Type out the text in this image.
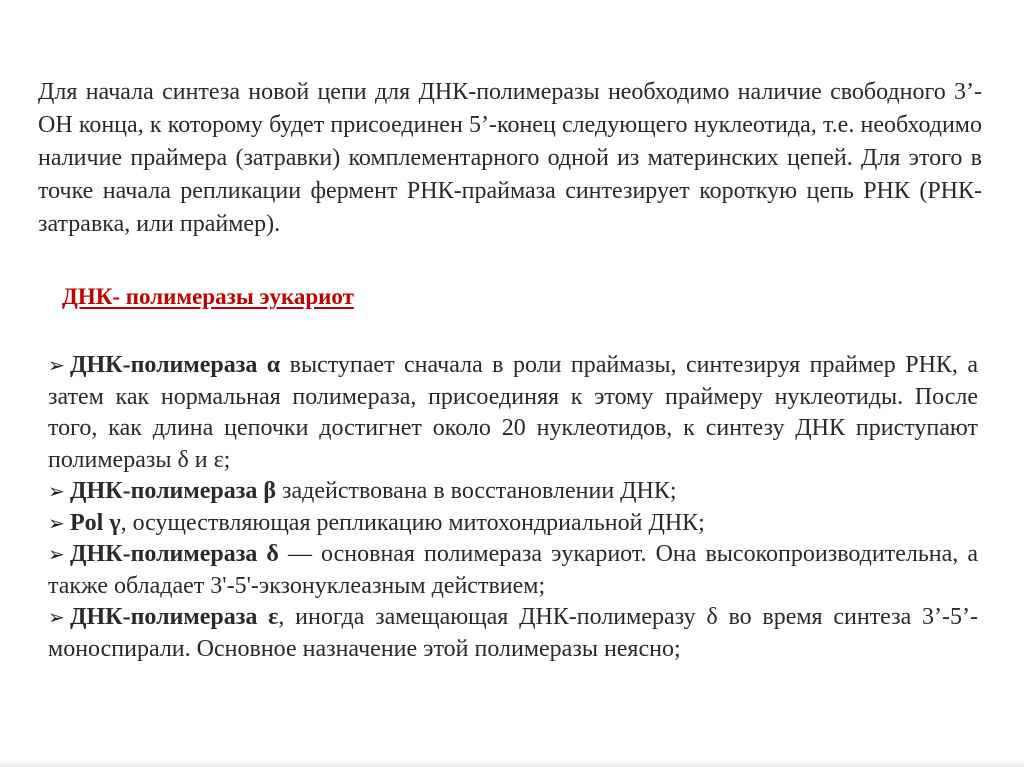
Для начала синтеза новой цепи для ДНК-полимеразы необходимо наличие свободного 3’-ОН конца, к которому будет присоединен 5’-конец следующего нуклеотида, т.е. необходимо наличие праймера (затравки) комплементарного одной из материнских цепей. Для этого в точке начала репликации фермент РНК-праймаза синтезирует короткую цепь РНК (РНК-затравка, или праймер).

ДНК- полимеразы эукариот
➢ ДНК-полимераза α выступает сначала в роли праймазы, синтезируя праймер РНК, а затем как нормальная полимераза, присоединяя к этому праймеру нуклеотиды. После того, как длина цепочки достигнет около 20 нуклеотидов, к синтезу ДНК приступают полимеразы δ и ε;
➢ ДНК-полимераза β задействована в восстановлении ДНК;
➢ Pol γ, осуществляющая репликацию митохондриальной ДНК;
➢ ДНК-полимераза δ — основная полимераза эукариот. Она высокопроизводительна, а также обладает 3'-5'-экзонуклеазным действием;
➢ ДНК-полимераза ε, иногда замещающая ДНК-полимеразу δ во время синтеза 3’-5’-моноспирали. Основное назначение этой полимеразы неясно;
